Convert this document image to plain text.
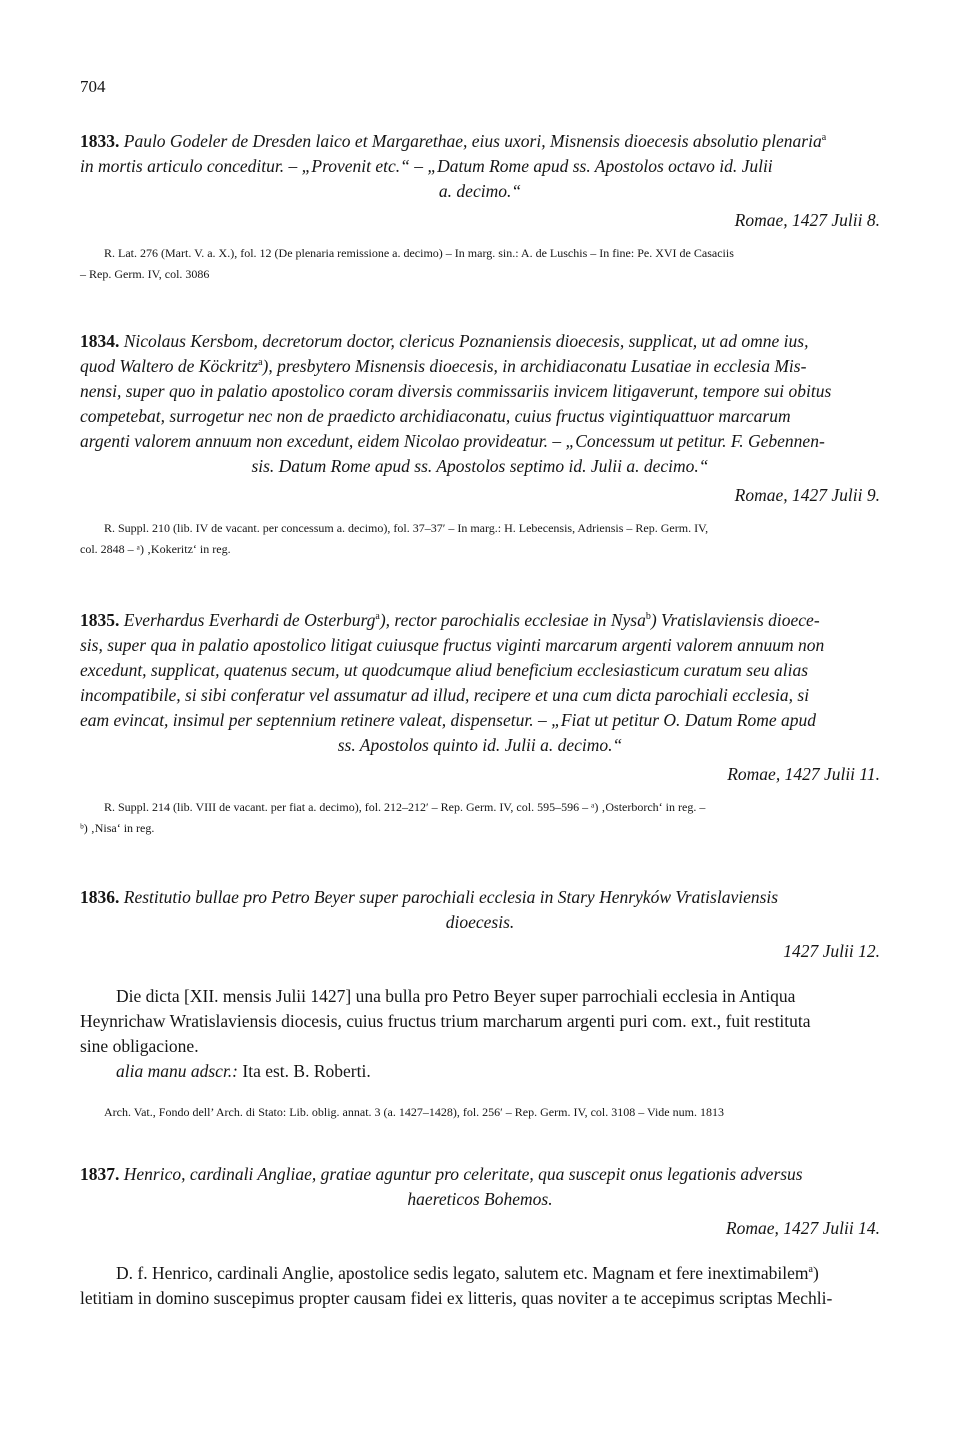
704
1833. Paulo Godeler de Dresden laico et Margarethae, eius uxori, Misnensis dioecesis absolutio plenaria$^a$
in mortis articulo conceditur. – „Provenit etc.“ – „Datum Rome apud ss. Apostolos octavo id. Julii
a. decimo.“
Romae, 1427 Julii 8.
R. Lat. 276 (Mart. V. a. X.), fol. 12 (De plenaria remissione a. decimo) – In marg. sin.: A. de Luschis – In fine: Pe. XVI de Casaciis
– Rep. Germ. IV, col. 3086
1834. Nicolaus Kersbom, decretorum doctor, clericus Poznaniensis dioecesis, supplicat, ut ad omne ius,
quod Waltero de Köckritz$^a$), presbytero Misnensis dioecesis, in archidiaconatu Lusatiae in ecclesia Mis-
nensi, super quo in palatio apostolico coram diversis commissariis invicem litigaverunt, tempore sui obitus
competebat, surrogetur nec non de praedicto archidiaconatu, cuius fructus vigintiquattuor marcarum
argenti valorem annuum non excedunt, eidem Nicolao provideatur. – „Concessum ut petitur. F. Gebennen-
sis. Datum Rome apud ss. Apostolos septimo id. Julii a. decimo.“
Romae, 1427 Julii 9.
R. Suppl. 210 (lib. IV de vacant. per concessum a. decimo), fol. 37–37′ – In marg.: H. Lebecensis, Adriensis – Rep. Germ. IV,
col. 2848 – ᵃ) ‚Kokeritz‘ in reg.
1835. Everhardus Everhardi de Osterburg$^a$), rector parochialis ecclesiae in Nysa$^b$) Vratislaviensis dioece-
sis, super qua in palatio apostolico litigat cuiusque fructus viginti marcarum argenti valorem annuum non
excedunt, supplicat, quatenus secum, ut quodcumque aliud beneficium ecclesiasticum curatum seu alias
incompatibile, si sibi conferatur vel assumatur ad illud, recipere et una cum dicta parochiali ecclesia, si
eam evincat, insimul per septennium retinere valeat, dispensetur. – „Fiat ut petitur O. Datum Rome apud
ss. Apostolos quinto id. Julii a. decimo.“
Romae, 1427 Julii 11.
R. Suppl. 214 (lib. VIII de vacant. per fiat a. decimo), fol. 212–212′ – Rep. Germ. IV, col. 595–596 – ᵃ) ‚Osterborch‘ in reg. –
ᵇ) ‚Nisa‘ in reg.
1836. Restitutio bullae pro Petro Beyer super parochiali ecclesia in Stary Henryków Vratislaviensis
dioecesis.
1427 Julii 12.
Die dicta [XII. mensis Julii 1427] una bulla pro Petro Beyer super parrochiali ecclesia in Antiqua
Heynrichaw Wratislaviensis diocesis, cuius fructus trium marcharum argenti puri com. ext., fuit restituta
sine obligacione.
alia manu adscr.: Ita est. B. Roberti.
Arch. Vat., Fondo dell’ Arch. di Stato: Lib. oblig. annat. 3 (a. 1427–1428), fol. 256′ – Rep. Germ. IV, col. 3108 – Vide num. 1813
1837. Henrico, cardinali Angliae, gratiae aguntur pro celeritate, qua suscepit onus legationis adversus
haereticos Bohemos.
Romae, 1427 Julii 14.
D. f. Henrico, cardinali Anglie, apostolice sedis legato, salutem etc. Magnam et fere inextimabilem$^a$)
letitiam in domino suscepimus propter causam fidei ex litteris, quas noviter a te accepimus scriptas Mechli-
